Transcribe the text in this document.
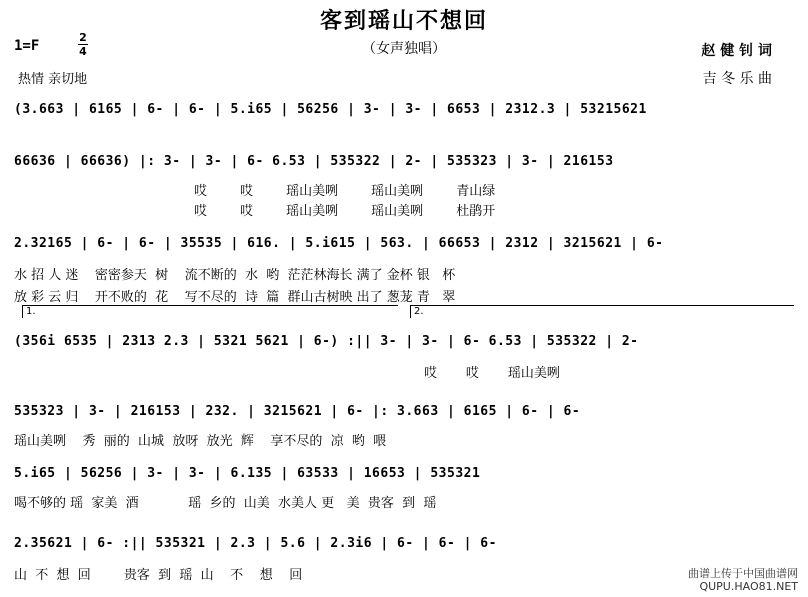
客到瑶山不想回
（女声独唱）
1=F
2
4
热情 亲切地
赵 健 钊 词
吉 冬 乐 曲
(3.663 | 6165 | 6- | 6- | 5.i65 | 56256 | 3- | 3- | 6653 | 2312.3 | 53215621
66636 | 66636) |: 3- | 3- | 6- 6.53 | 535322 | 2- | 535323 | 3- | 216153
哎        哎        瑶山美咧        瑶山美咧        青山绿
哎        哎        瑶山美咧        瑶山美咧        杜鹃开
2.32165 | 6- | 6- | 35535 | 616. | 5.i615 | 563. | 66653 | 2312 | 3215621 | 6-
水 招 人 迷    密密参天  树    流不断的  水  哟  茫茫林海长 满了 金杯 银   杯
放 彩 云 归    开不败的  花    写不尽的  诗  篇  群山古树映 出了 葱茏 青   翠
1.	2.
(356i 6535 | 2313 2.3 | 5321 5621 | 6-) :|| 3- | 3- | 6- 6.53 | 535322 | 2-
哎       哎       瑶山美咧
535323 | 3- | 216153 | 232. | 3215621 | 6- |: 3.663 | 6165 | 6- | 6-
瑶山美咧    秀  丽的  山城  放呀  放光  辉    享不尽的  凉  哟  喂
5.i65 | 56256 | 3- | 3- | 6.135 | 63533 | 16653 | 535321
喝不够的 瑶  家美  酒            瑶  乡的  山美  水美人 更   美  贵客  到  瑶
2.35621 | 6- :|| 535321 | 2.3 | 5.6 | 2.3i6 | 6- | 6- | 6-
山  不  想  回        贵客  到  瑶  山    不    想    回	曲谱上传于中国曲谱网
QUPU.HAO81.NET
